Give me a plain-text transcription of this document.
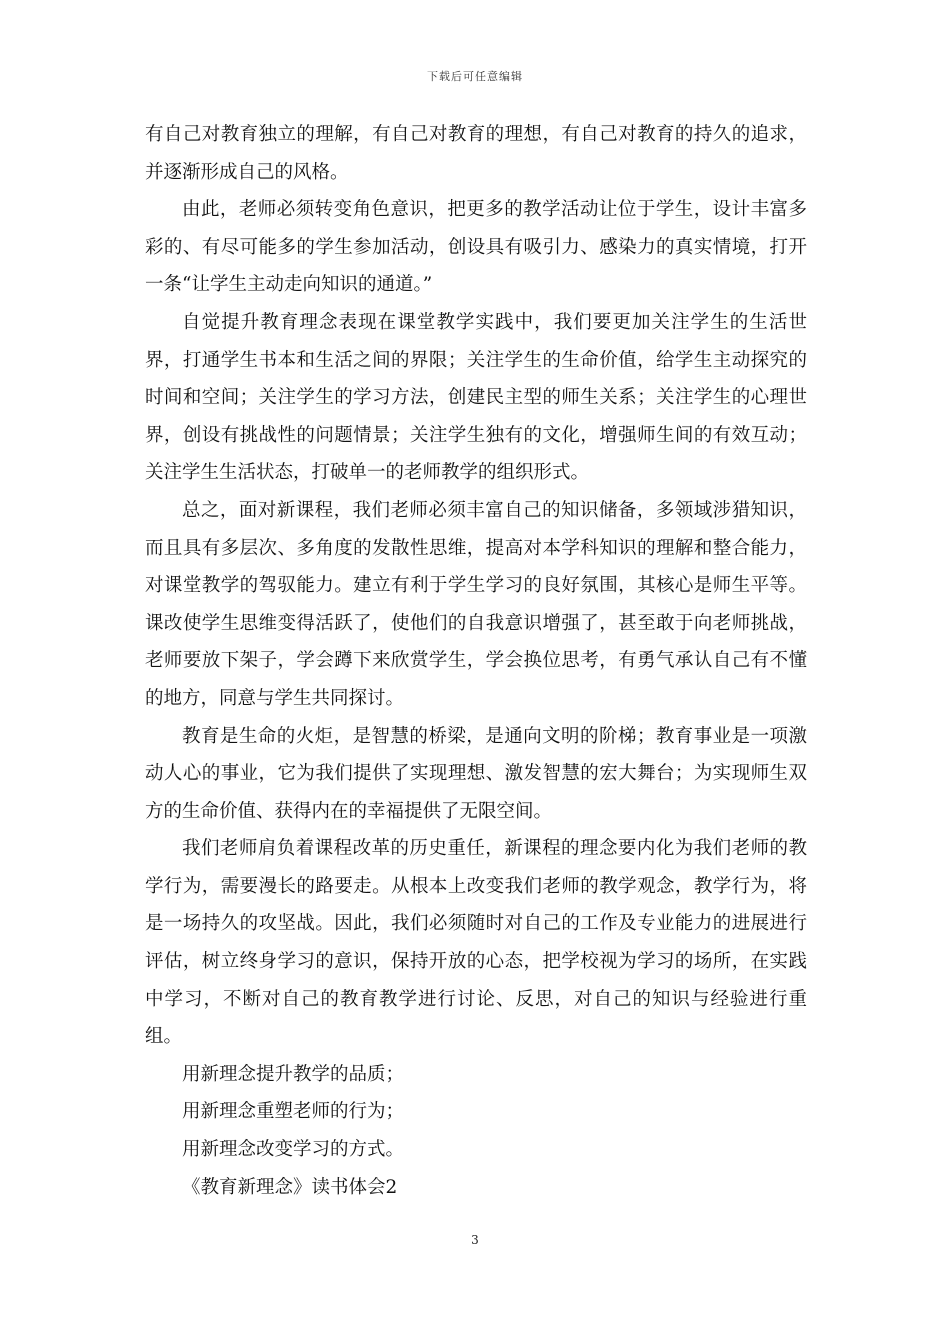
下载后可任意编辑

有自己对教育独立的理解，有自己对教育的理想，有自己对教育的持久的追求，并逐渐形成自己的风格。

由此，老师必须转变角色意识，把更多的教学活动让位于学生，设计丰富多彩的、有尽可能多的学生参加活动，创设具有吸引力、感染力的真实情境，打开一条“让学生主动走向知识的通道。”

自觉提升教育理念表现在课堂教学实践中，我们要更加关注学生的生活世界，打通学生书本和生活之间的界限；关注学生的生命价值，给学生主动探究的时间和空间；关注学生的学习方法，创建民主型的师生关系；关注学生的心理世界，创设有挑战性的问题情景；关注学生独有的文化，增强师生间的有效互动；关注学生生活状态，打破单一的老师教学的组织形式。

总之，面对新课程，我们老师必须丰富自己的知识储备，多领域涉猎知识，而且具有多层次、多角度的发散性思维，提高对本学科知识的理解和整合能力，对课堂教学的驾驭能力。建立有利于学生学习的良好氛围，其核心是师生平等。课改使学生思维变得活跃了，使他们的自我意识增强了，甚至敢于向老师挑战，老师要放下架子，学会蹲下来欣赏学生，学会换位思考，有勇气承认自己有不懂的地方，同意与学生共同探讨。

教育是生命的火炬，是智慧的桥梁，是通向文明的阶梯；教育事业是一项激动人心的事业，它为我们提供了实现理想、激发智慧的宏大舞台；为实现师生双方的生命价值、获得内在的幸福提供了无限空间。

我们老师肩负着课程改革的历史重任，新课程的理念要内化为我们老师的教学行为，需要漫长的路要走。从根本上改变我们老师的教学观念，教学行为，将是一场持久的攻坚战。因此，我们必须随时对自己的工作及专业能力的进展进行评估，树立终身学习的意识，保持开放的心态，把学校视为学习的场所，在实践中学习，不断对自己的教育教学进行讨论、反思，对自己的知识与经验进行重组。

用新理念提升教学的品质；

用新理念重塑老师的行为；

用新理念改变学习的方式。

《教育新理念》读书体会2

3
